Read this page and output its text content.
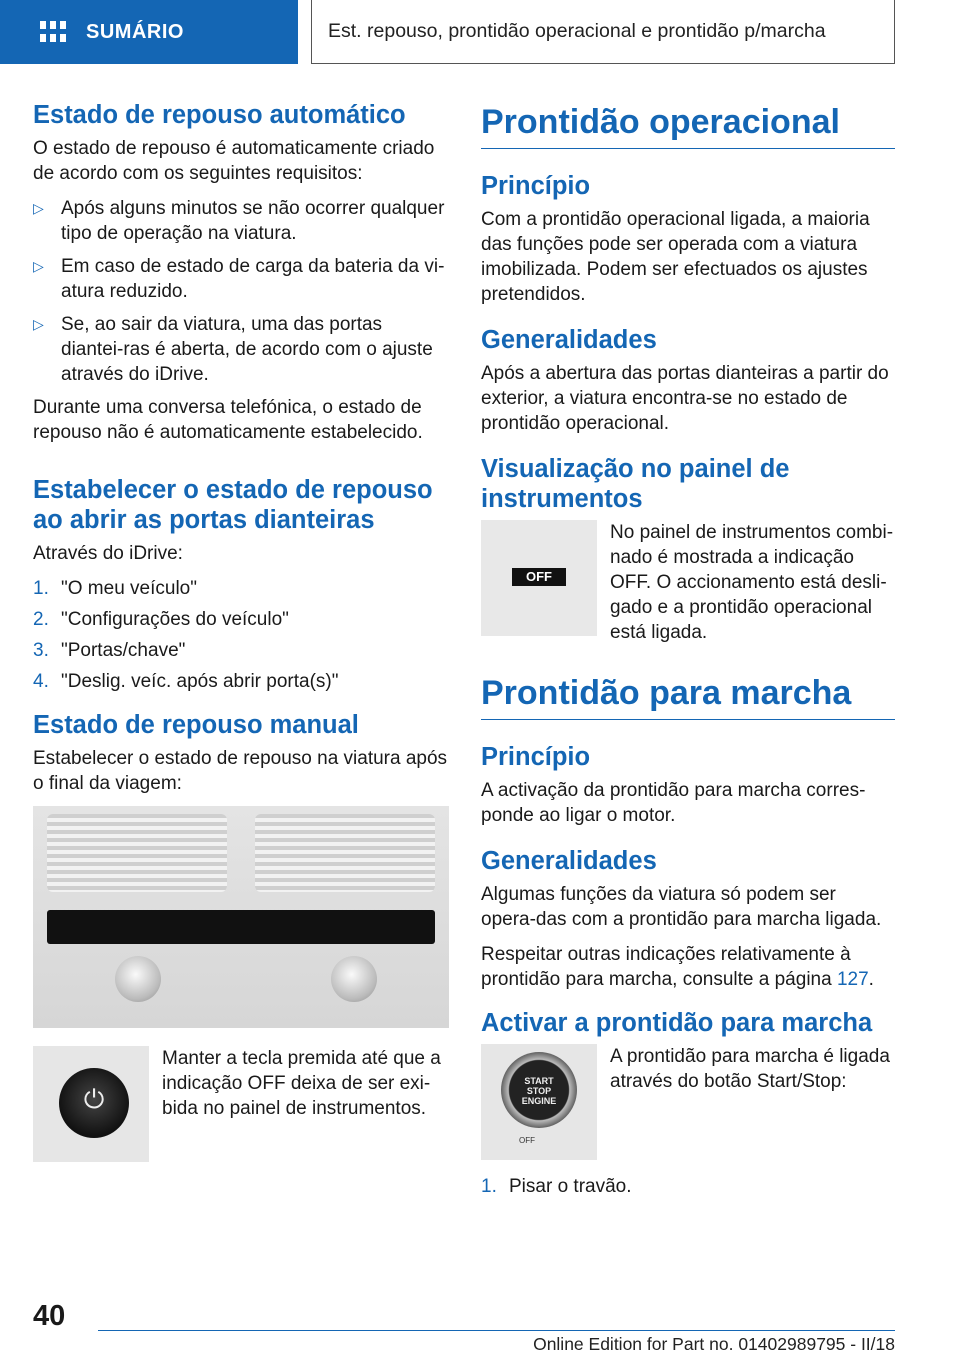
SUMÁRIO	Est. repouso, prontidão operacional e prontidão p/marcha
Estado de repouso automático

O estado de repouso é automaticamente criado de acordo com os seguintes requisitos:

▷ Após alguns minutos se não ocorrer qualquer tipo de operação na viatura.
▷ Em caso de estado de carga da bateria da vi‐atura reduzido.
▷ Se, ao sair da viatura, uma das portas diantei‐ras é aberta, de acordo com o ajuste através do iDrive.

Durante uma conversa telefónica, o estado de repouso não é automaticamente estabelecido.

Estabelecer o estado de repouso ao abrir as portas dianteiras

Através do iDrive:

1. "O meu veículo"
2. "Configurações do veículo"
3. "Portas/chave"
4. "Deslig. veíc. após abrir porta(s)"
Estado de repouso manual

Estabelecer o estado de repouso na viatura após o final da viagem:

⏻

Manter a tecla premida até que a indicação OFF deixa de ser exi‐bida no painel de instrumentos.

Prontidão operacional
Princípio

Com a prontidão operacional ligada, a maioria das funções pode ser operada com a viatura imobilizada. Podem ser efectuados os ajustes pretendidos.

Generalidades

Após a abertura das portas dianteiras a partir do exterior, a viatura encontra-se no estado de prontidão operacional.

Visualização no painel de instrumentos
OFF

No painel de instrumentos combi‐nado é mostrada a indicação OFF. O accionamento está desli‐gado e a prontidão operacional está ligada.

Prontidão para marcha
Princípio

A activação da prontidão para marcha corres‐ponde ao ligar o motor.

Generalidades

Algumas funções da viatura só podem ser opera‐das com a prontidão para marcha ligada.

Respeitar outras indicações relativamente à prontidão para marcha, consulte a página 127.

Activar a prontidão para marcha
START
STOP
ENGINE
OFF

A prontidão para marcha é ligada através do botão Start/Stop:

1. Pisar o travão.
40
Online Edition for Part no. 01402989795 - II/18
